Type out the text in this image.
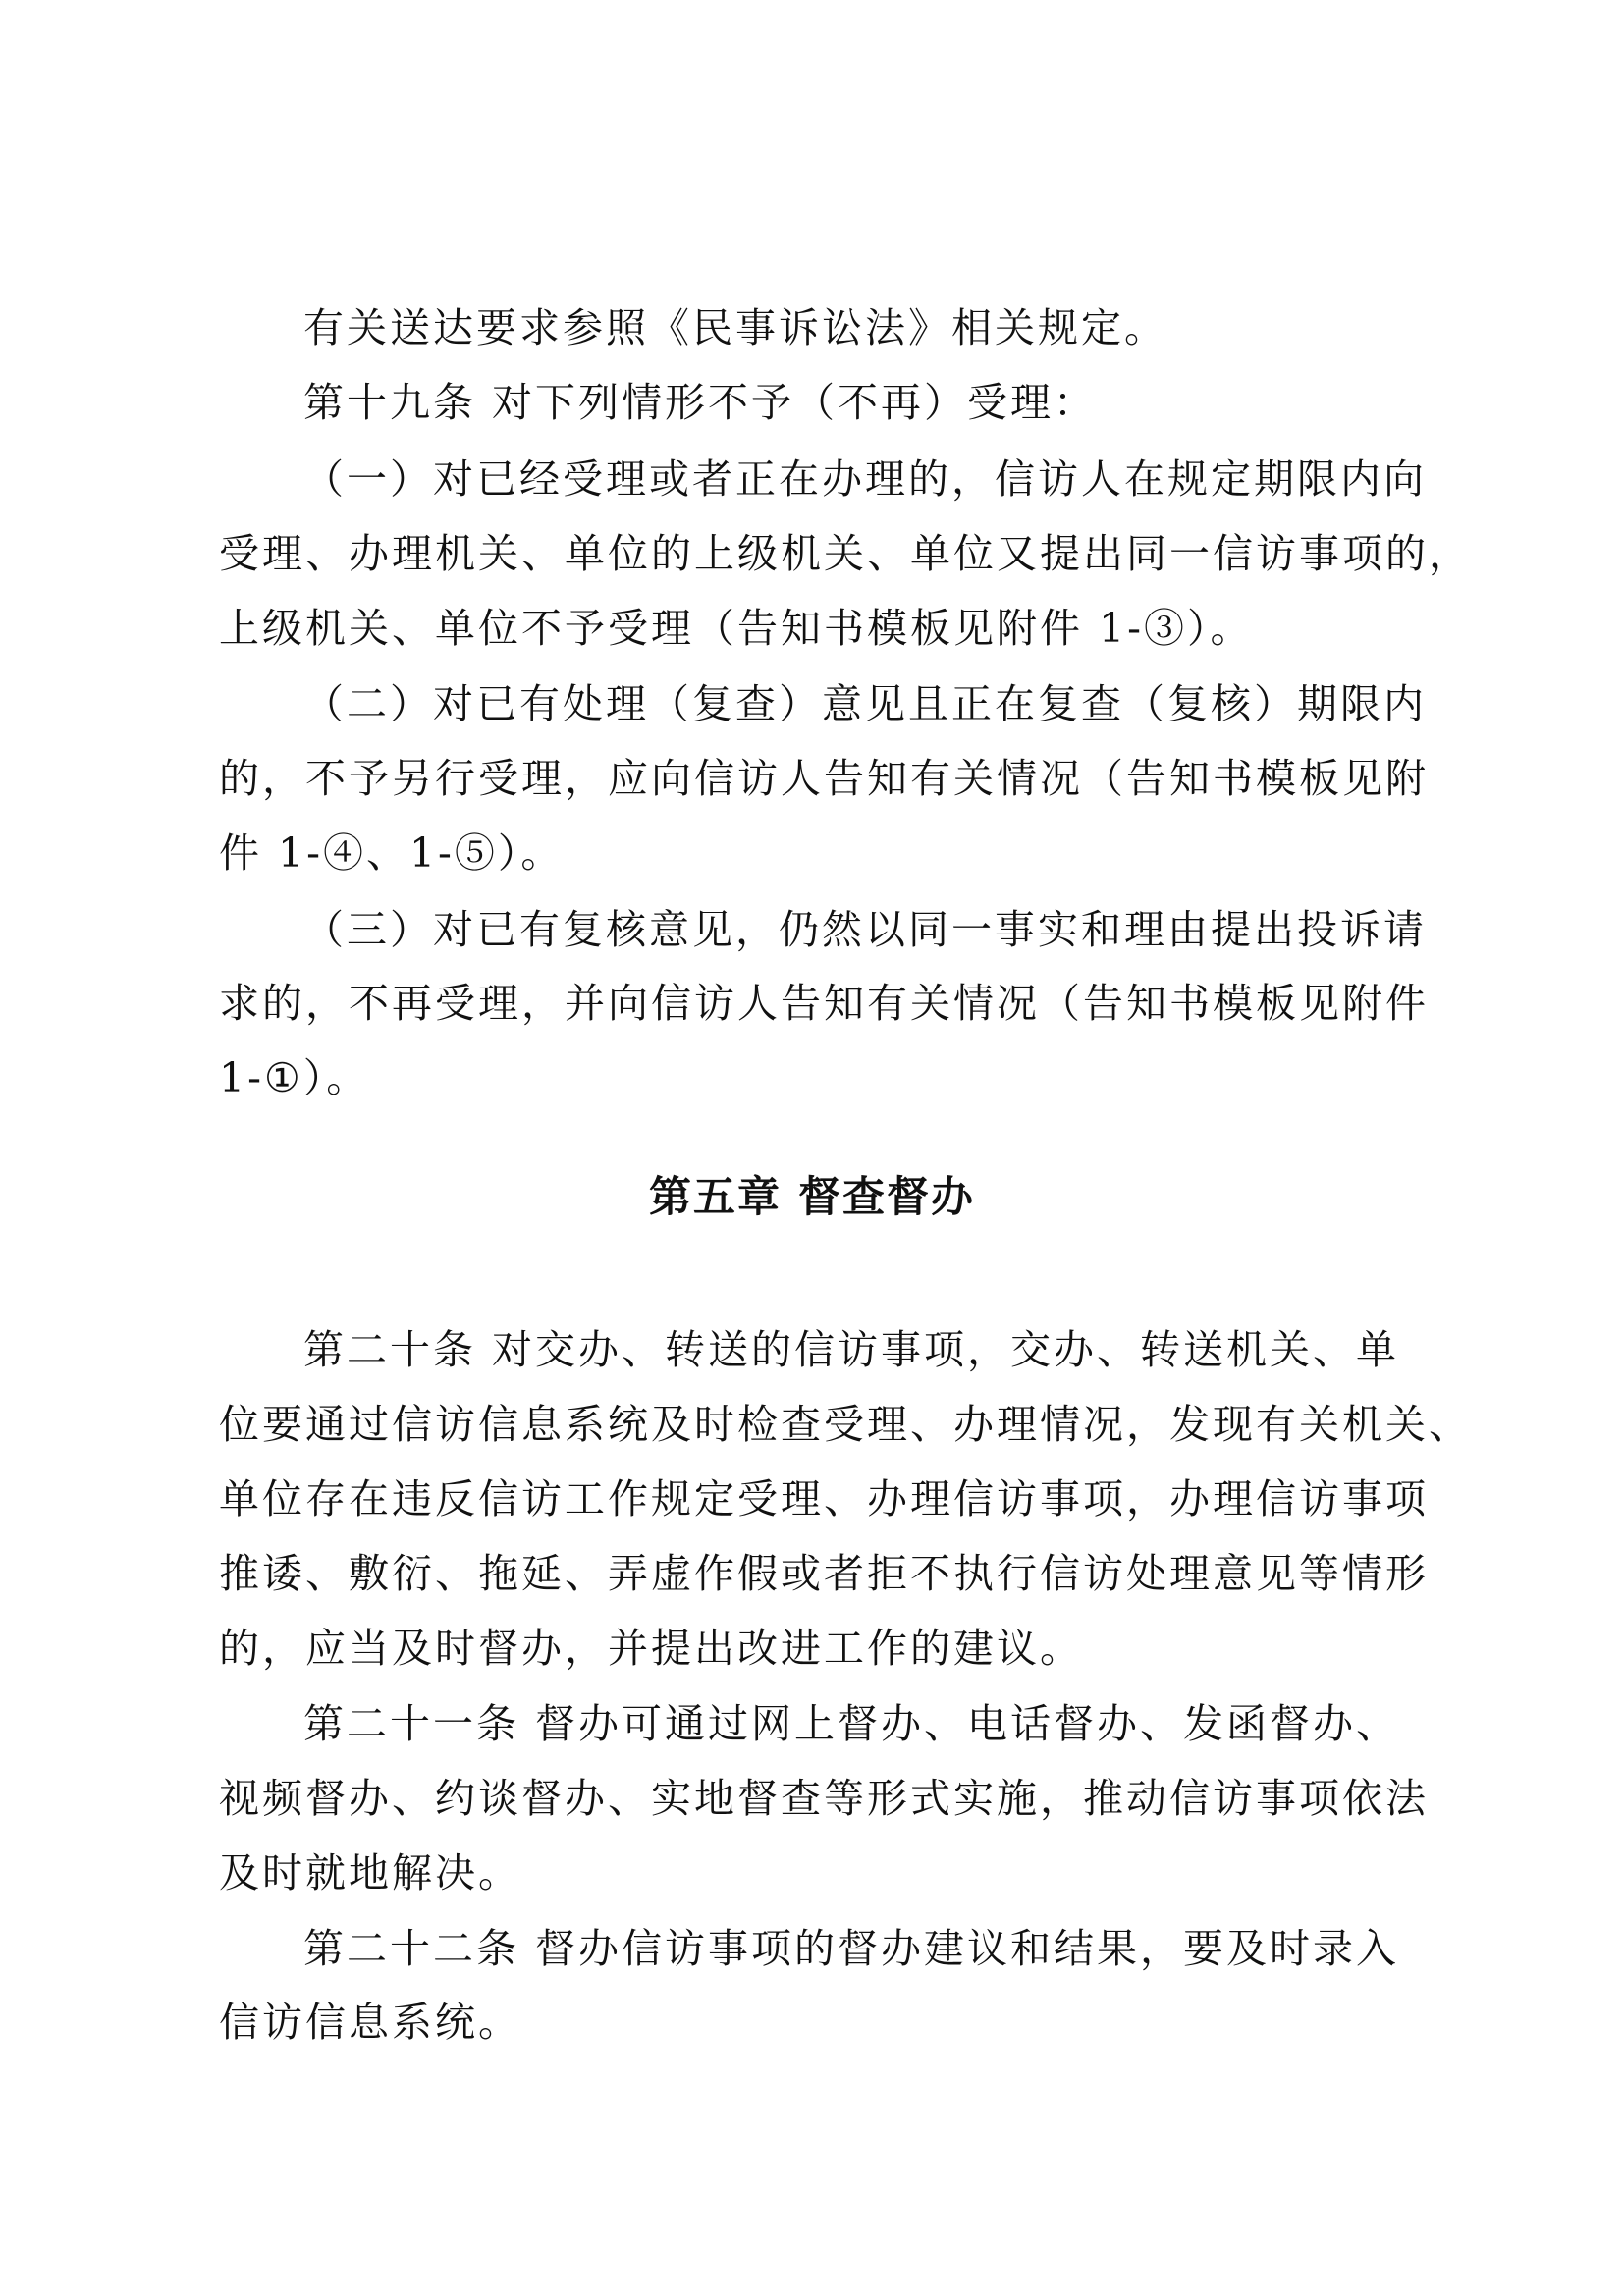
有关送达要求参照《民事诉讼法》相关规定。
第十九条 对下列情形不予（不再）受理：
（一）对已经受理或者正在办理的，信访人在规定期限内向
受理、办理机关、单位的上级机关、单位又提出同一信访事项的，
上级机关、单位不予受理（告知书模板见附件 1-③）。
（二）对已有处理（复查）意见且正在复查（复核）期限内
的，不予另行受理，应向信访人告知有关情况（告知书模板见附
件 1-④、1-⑤）。
（三）对已有复核意见，仍然以同一事实和理由提出投诉请
求的，不再受理，并向信访人告知有关情况（告知书模板见附件
1-①）。
第五章 督查督办
第二十条 对交办、转送的信访事项，交办、转送机关、单
位要通过信访信息系统及时检查受理、办理情况，发现有关机关、
单位存在违反信访工作规定受理、办理信访事项，办理信访事项
推诿、敷衍、拖延、弄虚作假或者拒不执行信访处理意见等情形
的，应当及时督办，并提出改进工作的建议。
第二十一条 督办可通过网上督办、电话督办、发函督办、
视频督办、约谈督办、实地督查等形式实施，推动信访事项依法
及时就地解决。
第二十二条 督办信访事项的督办建议和结果，要及时录入
信访信息系统。
